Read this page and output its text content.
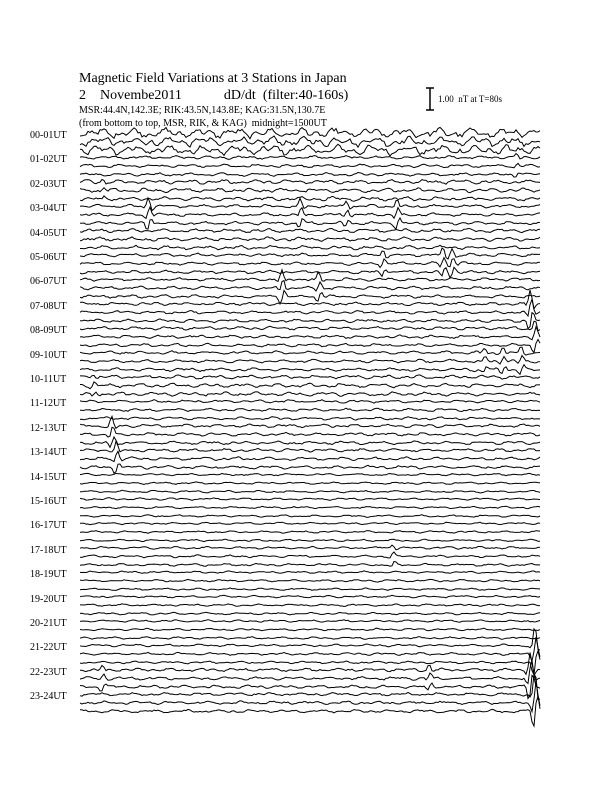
Magnetic Field Variations at 3 Stations in Japan
2 Novembe2011	dD/dt (filter:40-160s)
MSR:44.4N,142.3E; RIK:43.5N,143.8E; KAG:31.5N,130.7E
(from bottom to top, MSR, RIK, & KAG)  midnight=1500UT
1.00  nT at T=80s
00-01UT
01-02UT
02-03UT
03-04UT
04-05UT
05-06UT
06-07UT
07-08UT
08-09UT
09-10UT
10-11UT
11-12UT
12-13UT
13-14UT
14-15UT
15-16UT
16-17UT
17-18UT
18-19UT
19-20UT
20-21UT
21-22UT
22-23UT
23-24UT
